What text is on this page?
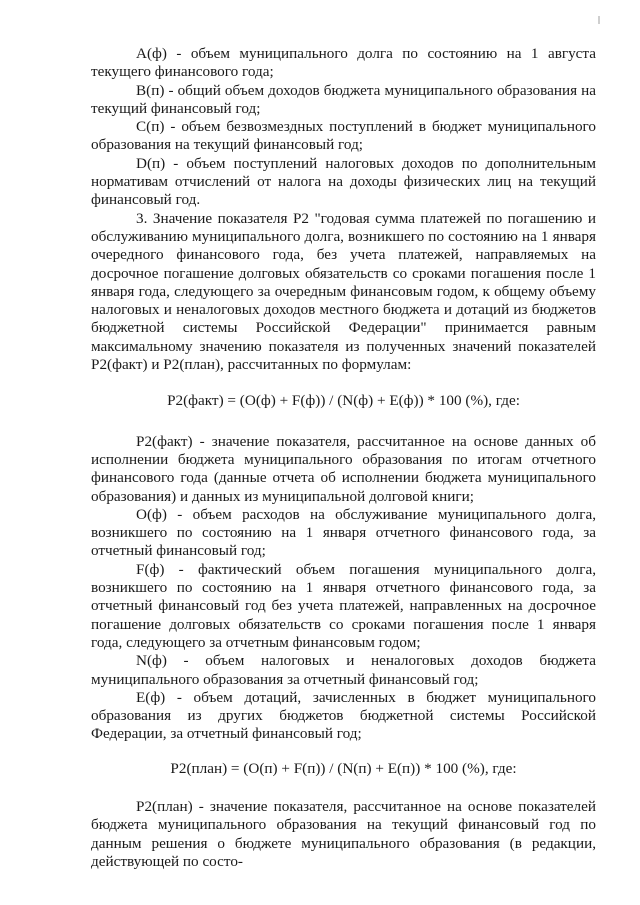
А(ф) - объем муниципального долга по состоянию на 1 августа текущего финансового года;

В(п) - общий объем доходов бюджета муниципального образования на текущий финансовый год;

С(п) - объем безвозмездных поступлений в бюджет муниципального образования на текущий финансовый год;

D(п) - объем поступлений налоговых доходов по дополнительным нормативам отчислений от налога на доходы физических лиц на текущий финансовый год.

3. Значение показателя Р2 "годовая сумма платежей по погашению и обслуживанию муниципального долга, возникшего по состоянию на 1 января очередного финансового года, без учета платежей, направляемых на досрочное погашение долговых обязательств со сроками погашения после 1 января года, следующего за очередным финансовым годом, к общему объему налоговых и неналоговых доходов местного бюджета и дотаций из бюджетов бюджетной системы Российской Федерации" принимается равным максимальному значению показателя из полученных значений показателей Р2(факт) и Р2(план), рассчитанных по формулам:

Р2(факт) = (О(ф) + F(ф)) / (N(ф) + Е(ф)) * 100 (%), где:

Р2(факт) - значение показателя, рассчитанное на основе данных об исполнении бюджета муниципального образования по итогам отчетного финансового года (данные отчета об исполнении бюджета муниципального образования) и данных из муниципальной долговой книги;

О(ф) - объем расходов на обслуживание муниципального долга, возникшего по состоянию на 1 января отчетного финансового года, за отчетный финансовый год;

F(ф) - фактический объем погашения муниципального долга, возникшего по состоянию на 1 января отчетного финансового года, за отчетный финансовый год без учета платежей, направленных на досрочное погашение долговых обязательств со сроками погашения после 1 января года, следующего за отчетным финансовым годом;

N(ф) - объем налоговых и неналоговых доходов бюджета муниципального образования за отчетный финансовый год;

Е(ф) - объем дотаций, зачисленных в бюджет муниципального образования из других бюджетов бюджетной системы Российской Федерации, за отчетный финансовый год;

Р2(план) = (О(п) + F(п)) / (N(п) + Е(п)) * 100 (%), где:

Р2(план) - значение показателя, рассчитанное на основе показателей бюджета муниципального образования на текущий финансовый год по данным решения о бюджете муниципального образования (в редакции, действующей по состо-
